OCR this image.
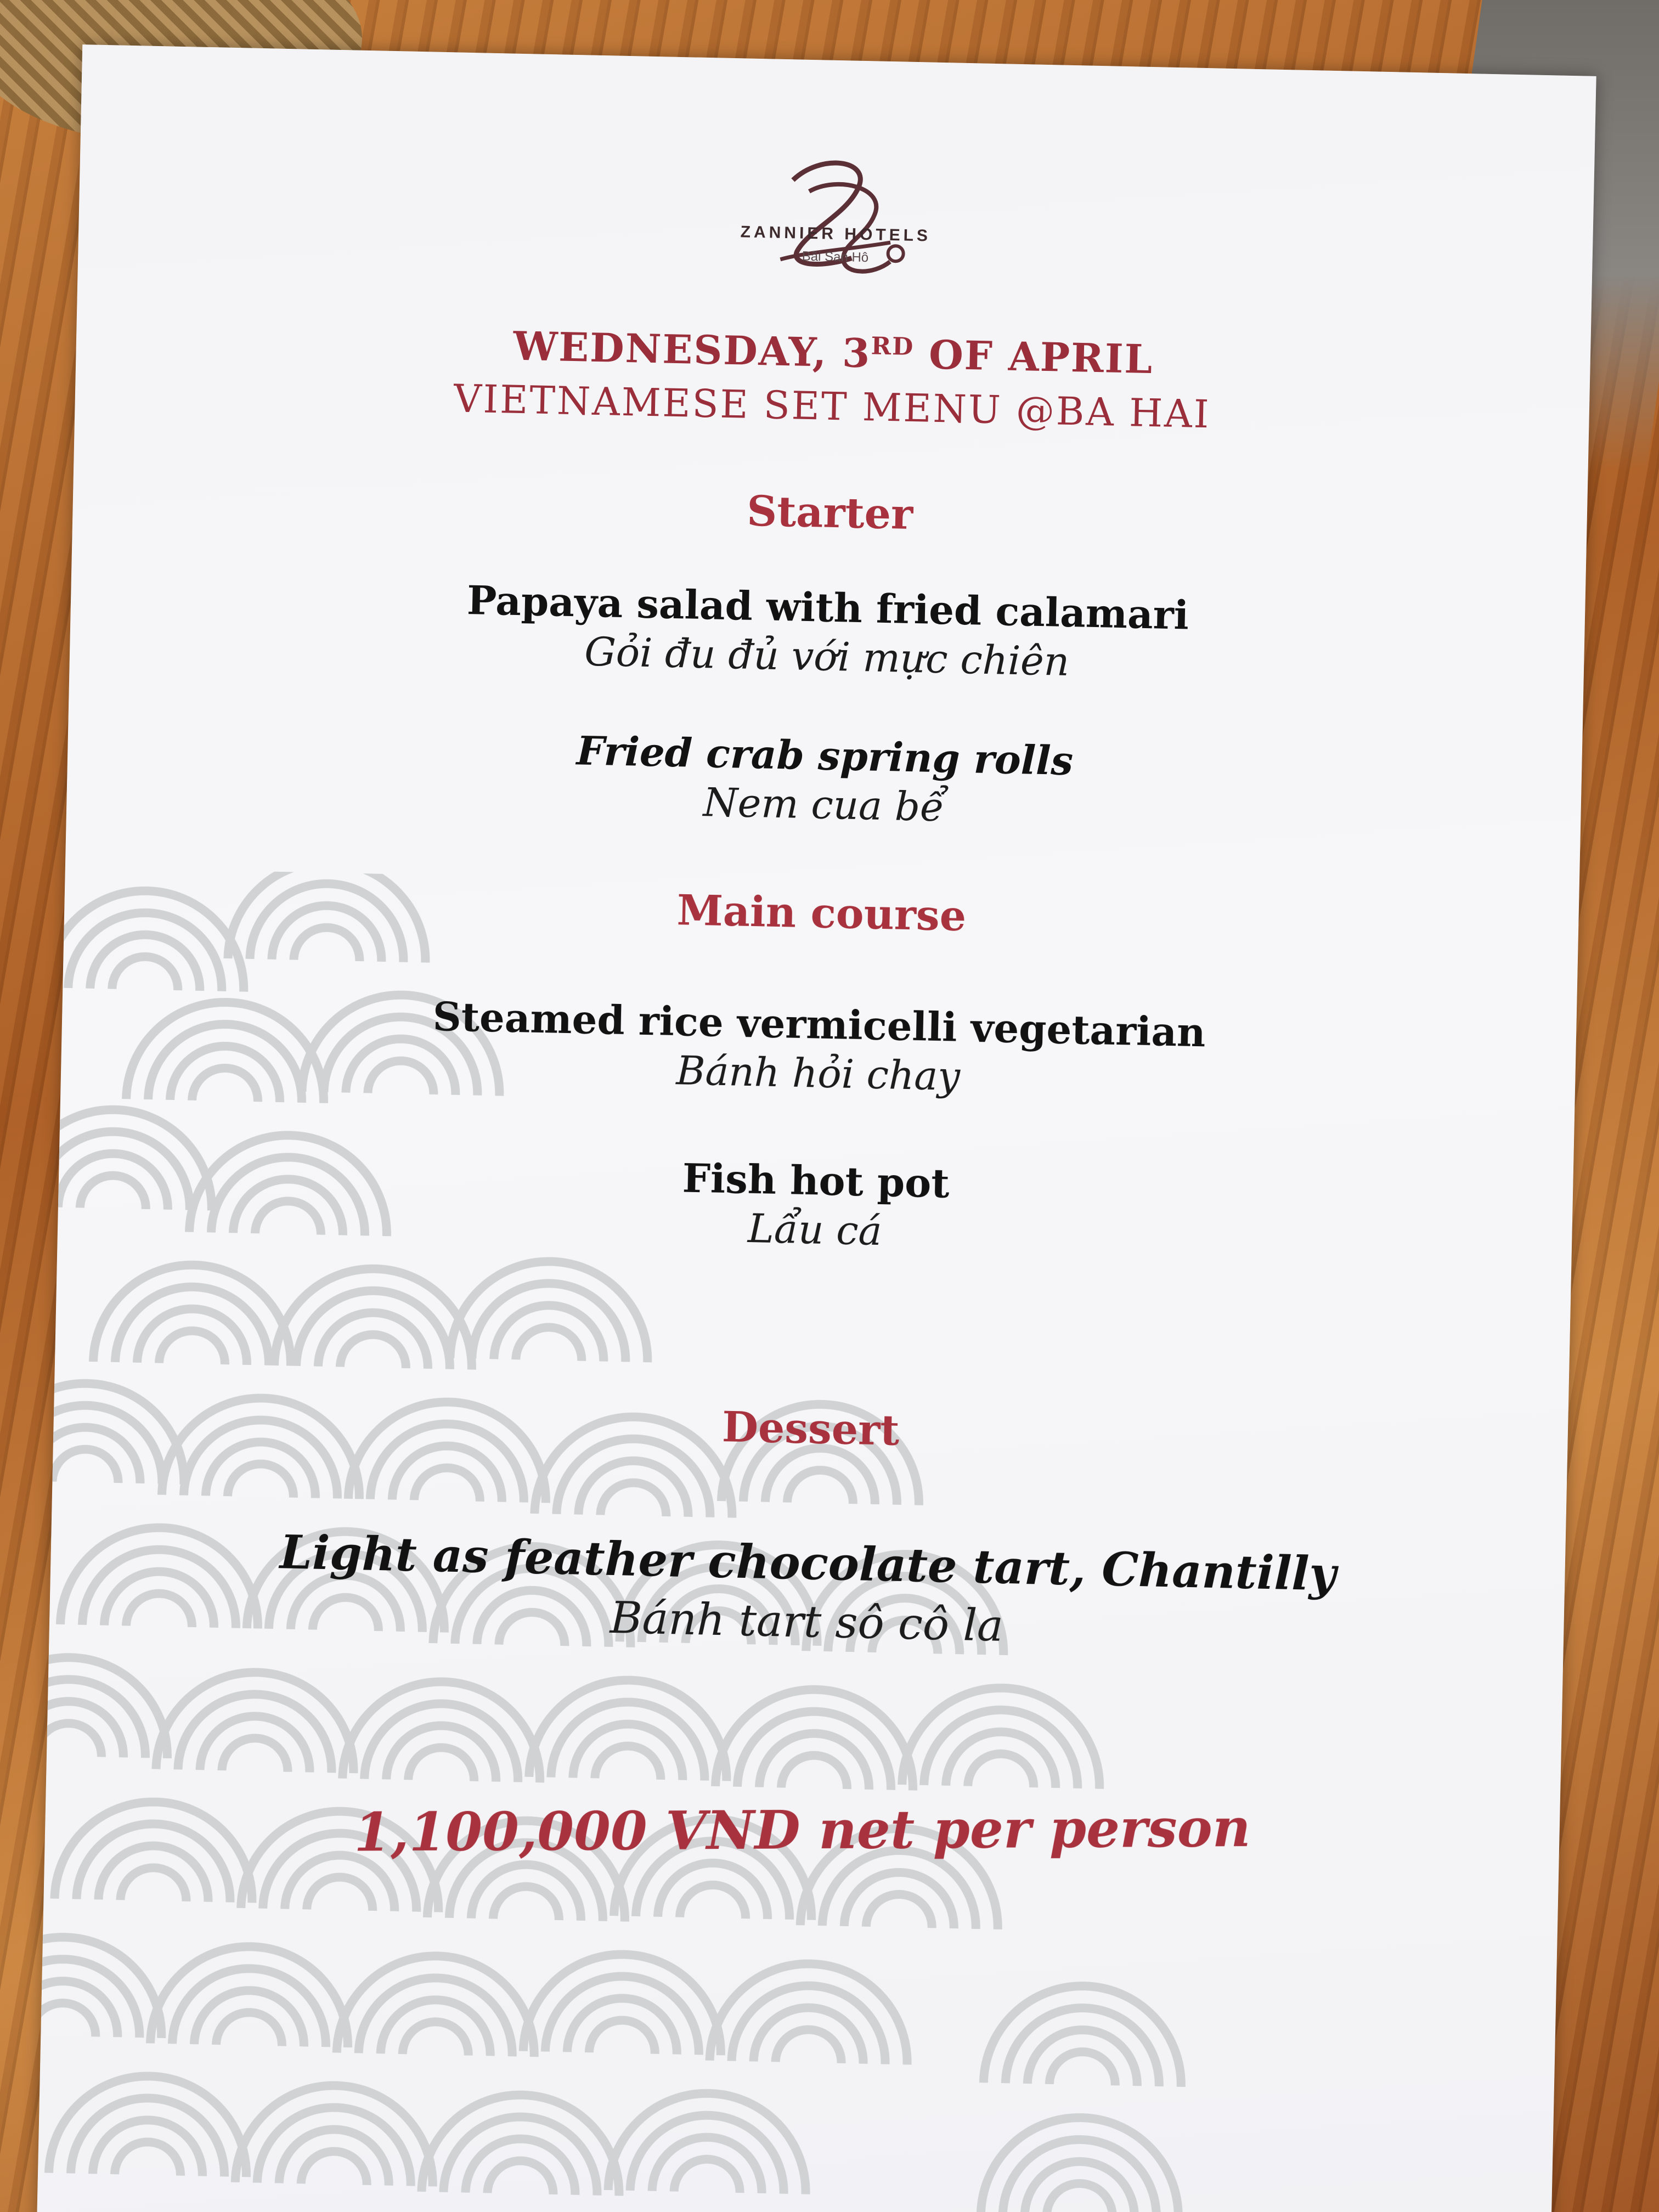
ZANNIER HOTELS
Bãi San Hô
WEDNESDAY, 3RD OF APRIL
VIETNAMESE SET MENU @BA HAI
Starter
Papaya salad with fried calamari
Gỏi đu đủ với mực chiên
Fried crab spring rolls
Nem cua bể
Main course
Steamed rice vermicelli vegetarian
Bánh hỏi chay
Fish hot pot
Lẩu cá
Dessert
Light as feather chocolate tart, Chantilly
Bánh tart sô cô la
1,100,000 VND net per person
